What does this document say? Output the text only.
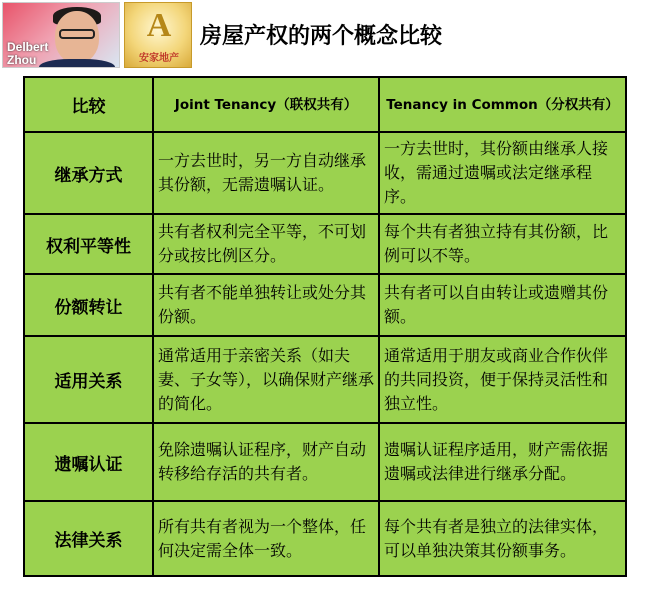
Delbert Zhou
A
安家地产
房屋产权的两个概念比较
比较	Joint Tenancy（联权共有）	Tenancy in Common（分权共有）
继承方式	一方去世时，另一方自动继承其份额，无需遗嘱认证。	一方去世时，其份额由继承人接收，需通过遗嘱或法定继承程序。
权利平等性	共有者权利完全平等，不可划分或按比例区分。	每个共有者独立持有其份额，比例可以不等。
份额转让	共有者不能单独转让或处分其份额。	共有者可以自由转让或遗赠其份额。
适用关系	通常适用于亲密关系（如夫妻、子女等），以确保财产继承的简化。	通常适用于朋友或商业合作伙伴的共同投资，便于保持灵活性和独立性。
遗嘱认证	免除遗嘱认证程序，财产自动转移给存活的共有者。	遗嘱认证程序适用，财产需依据遗嘱或法律进行继承分配。
法律关系	所有共有者视为一个整体，任何决定需全体一致。	每个共有者是独立的法律实体，可以单独决策其份额事务。
